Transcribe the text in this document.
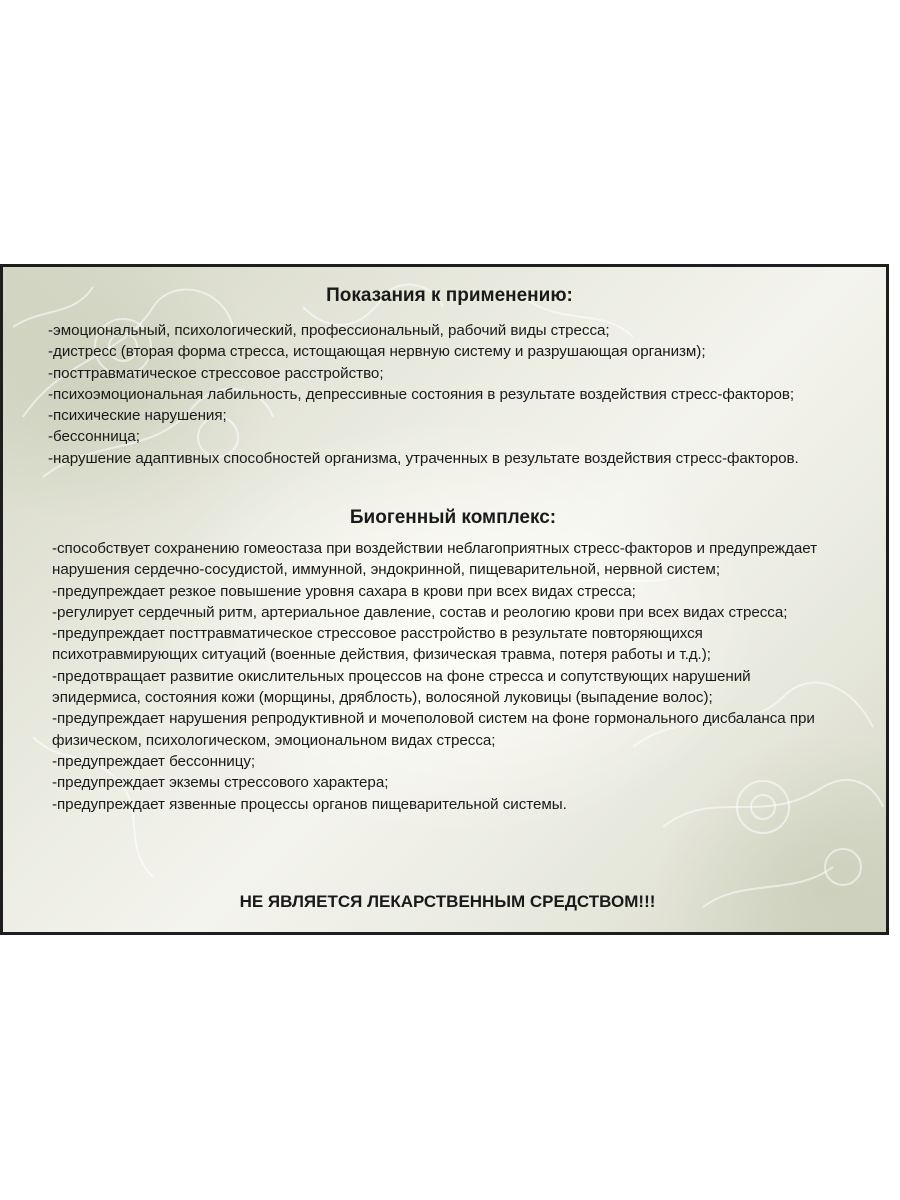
Показания к применению:
-эмоциональный, психологический, профессиональный, рабочий виды стресса;
-дистресс (вторая форма стресса, истощающая нервную систему и разрушающая организм);
-посттравматическое стрессовое расстройство;
-психоэмоциональная лабильность, депрессивные состояния в результате воздействия стресс-факторов;
-психические нарушения;
-бессонница;
-нарушение адаптивных способностей организма, утраченных в результате воздействия стресс-факторов.
Биогенный комплекс:
-способствует сохранению гомеостаза при воздействии неблагоприятных стресс-факторов и предупреждает нарушения сердечно-сосудистой, иммунной, эндокринной, пищеварительной, нервной систем;
-предупреждает резкое повышение уровня сахара в крови при всех видах стресса;
-регулирует сердечный ритм, артериальное давление, состав и реологию крови при всех видах стресса;
-предупреждает посттравматическое стрессовое расстройство в результате повторяющихся психотравмирующих ситуаций (военные действия, физическая травма, потеря работы и т.д.);
-предотвращает развитие окислительных процессов на фоне стресса и сопутствующих нарушений эпидермиса, состояния кожи (морщины, дряблость), волосяной луковицы (выпадение волос);
-предупреждает нарушения репродуктивной и мочеполовой систем на фоне гормонального дисбаланса при физическом, психологическом, эмоциональном видах стресса;
-предупреждает бессонницу;
-предупреждает экземы стрессового характера;
-предупреждает язвенные процессы органов пищеварительной системы.

НЕ ЯВЛЯЕТСЯ ЛЕКАРСТВЕННЫМ СРЕДСТВОМ!!!
